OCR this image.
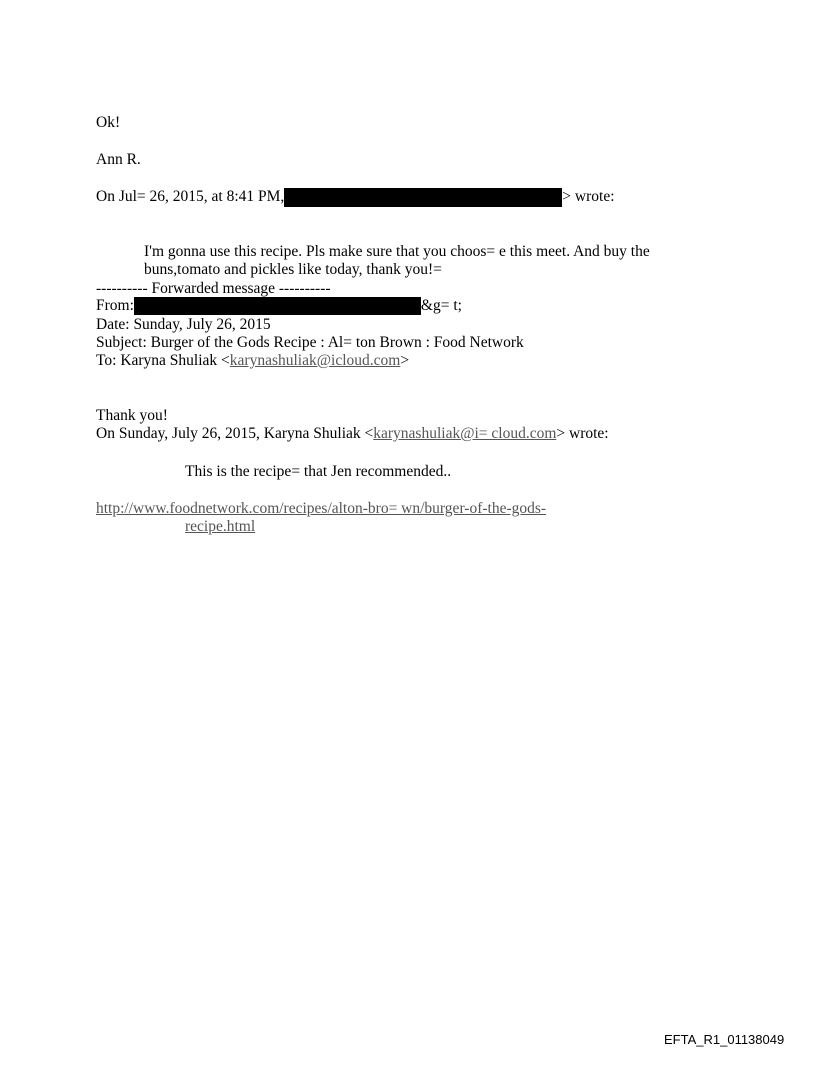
Ok!
Ann R.
On Jul= 26, 2015, at 8:41 PM,	> wrote:
I'm gonna use this recipe. Pls make sure that you choos= e this meet. And buy the
buns,tomato and pickles like today, thank you!=
---------- Forwarded message ----------
From:	&g= t;
Date: Sunday, July 26, 2015
Subject: Burger of the Gods Recipe : Al= ton Brown : Food Network
To: Karyna Shuliak <karynashuliak@icloud.com>
Thank you!
On Sunday, July 26, 2015, Karyna Shuliak <karynashuliak@i= cloud.com> wrote:
This is the recipe= that Jen recommended..
http://www.foodnetwork.com/recipes/alton-bro= wn/burger-of-the-gods-
recipe.html
EFTA_R1_01138049
